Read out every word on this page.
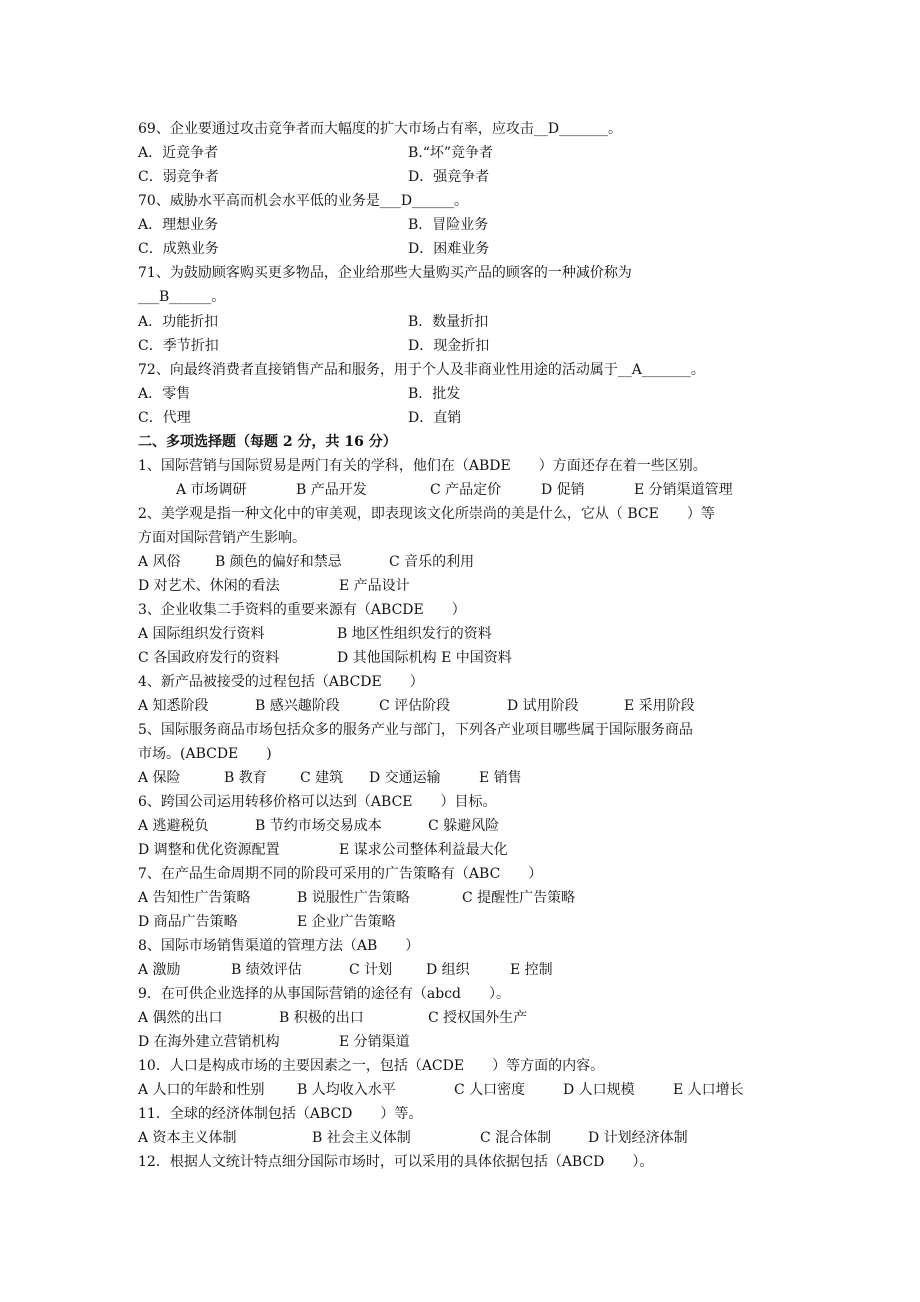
69、企业要通过攻击竞争者而大幅度的扩大市场占有率，应攻击__D_______。
A．近竞争者	B.“坏”竞争者
C．弱竞争者	D．强竞争者
70、威胁水平高而机会水平低的业务是___D______。
A．理想业务	B．冒险业务
C．成熟业务	D．困难业务
71、为鼓励顾客购买更多物品，企业给那些大量购买产品的顾客的一种减价称为
___B______。
A．功能折扣	B．数量折扣
C．季节折扣	D．现金折扣
72、向最终消费者直接销售产品和服务，用于个人及非商业性用途的活动属于__A_______。
A．零售	B．批发
C．代理	D．直销
二、多项选择题（每题 2 分，共 16 分）
1、国际营销与国际贸易是两门有关的学科，他们在（ABDE　　）方面还存在着一些区别。
A 市场调研	B 产品开发	C 产品定价	D 促销	E 分销渠道管理
2、美学观是指一种文化中的审美观，即表现该文化所崇尚的美是什么，它从（ BCE　　）等
方面对国际营销产生影响。
A 风俗 B 颜色的偏好和禁忌	C 音乐的利用
D 对艺术、休闲的看法	E 产品设计
3、企业收集二手资料的重要来源有（ABCDE　　）
A 国际组织发行资料	B 地区性组织发行的资料
C 各国政府发行的资料	D 其他国际机构 E 中国资料
4、新产品被接受的过程包括（ABCDE　　）
A 知悉阶段	B 感兴趣阶段	C 评估阶段	D 试用阶段	E 采用阶段
5、国际服务商品市场包括众多的服务产业与部门，下列各产业项目哪些属于国际服务商品
市场。(ABCDE　　)
A 保险	B 教育 C 建筑 D 交通运输	E 销售
6、跨国公司运用转移价格可以达到（ABCE　　）目标。
A 逃避税负	B 节约市场交易成本	C 躲避风险
D 调整和优化资源配置	E 谋求公司整体利益最大化
7、在产品生命周期不同的阶段可采用的广告策略有（ABC　　）
A 告知性广告策略	B 说服性广告策略	C 提醒性广告策略
D 商品广告策略	E 企业广告策略
8、国际市场销售渠道的管理方法（AB　　）
A 激励	B 绩效评估	C 计划 D 组织	E 控制
9．在可供企业选择的从事国际营销的途径有（abcd　　）。
A 偶然的出口	B 积极的出口	C 授权国外生产
D 在海外建立营销机构	E 分销渠道
10．人口是构成市场的主要因素之一，包括（ACDE　　）等方面的内容。
A 人口的年龄和性别 B 人均收入水平	C 人口密度	D 人口规模	E 人口增长
11．全球的经济体制包括（ABCD　　）等。
A 资本主义体制	B 社会主义体制	C 混合体制	D 计划经济体制
12．根据人文统计特点细分国际市场时，可以采用的具体依据包括（ABCD　　）。
